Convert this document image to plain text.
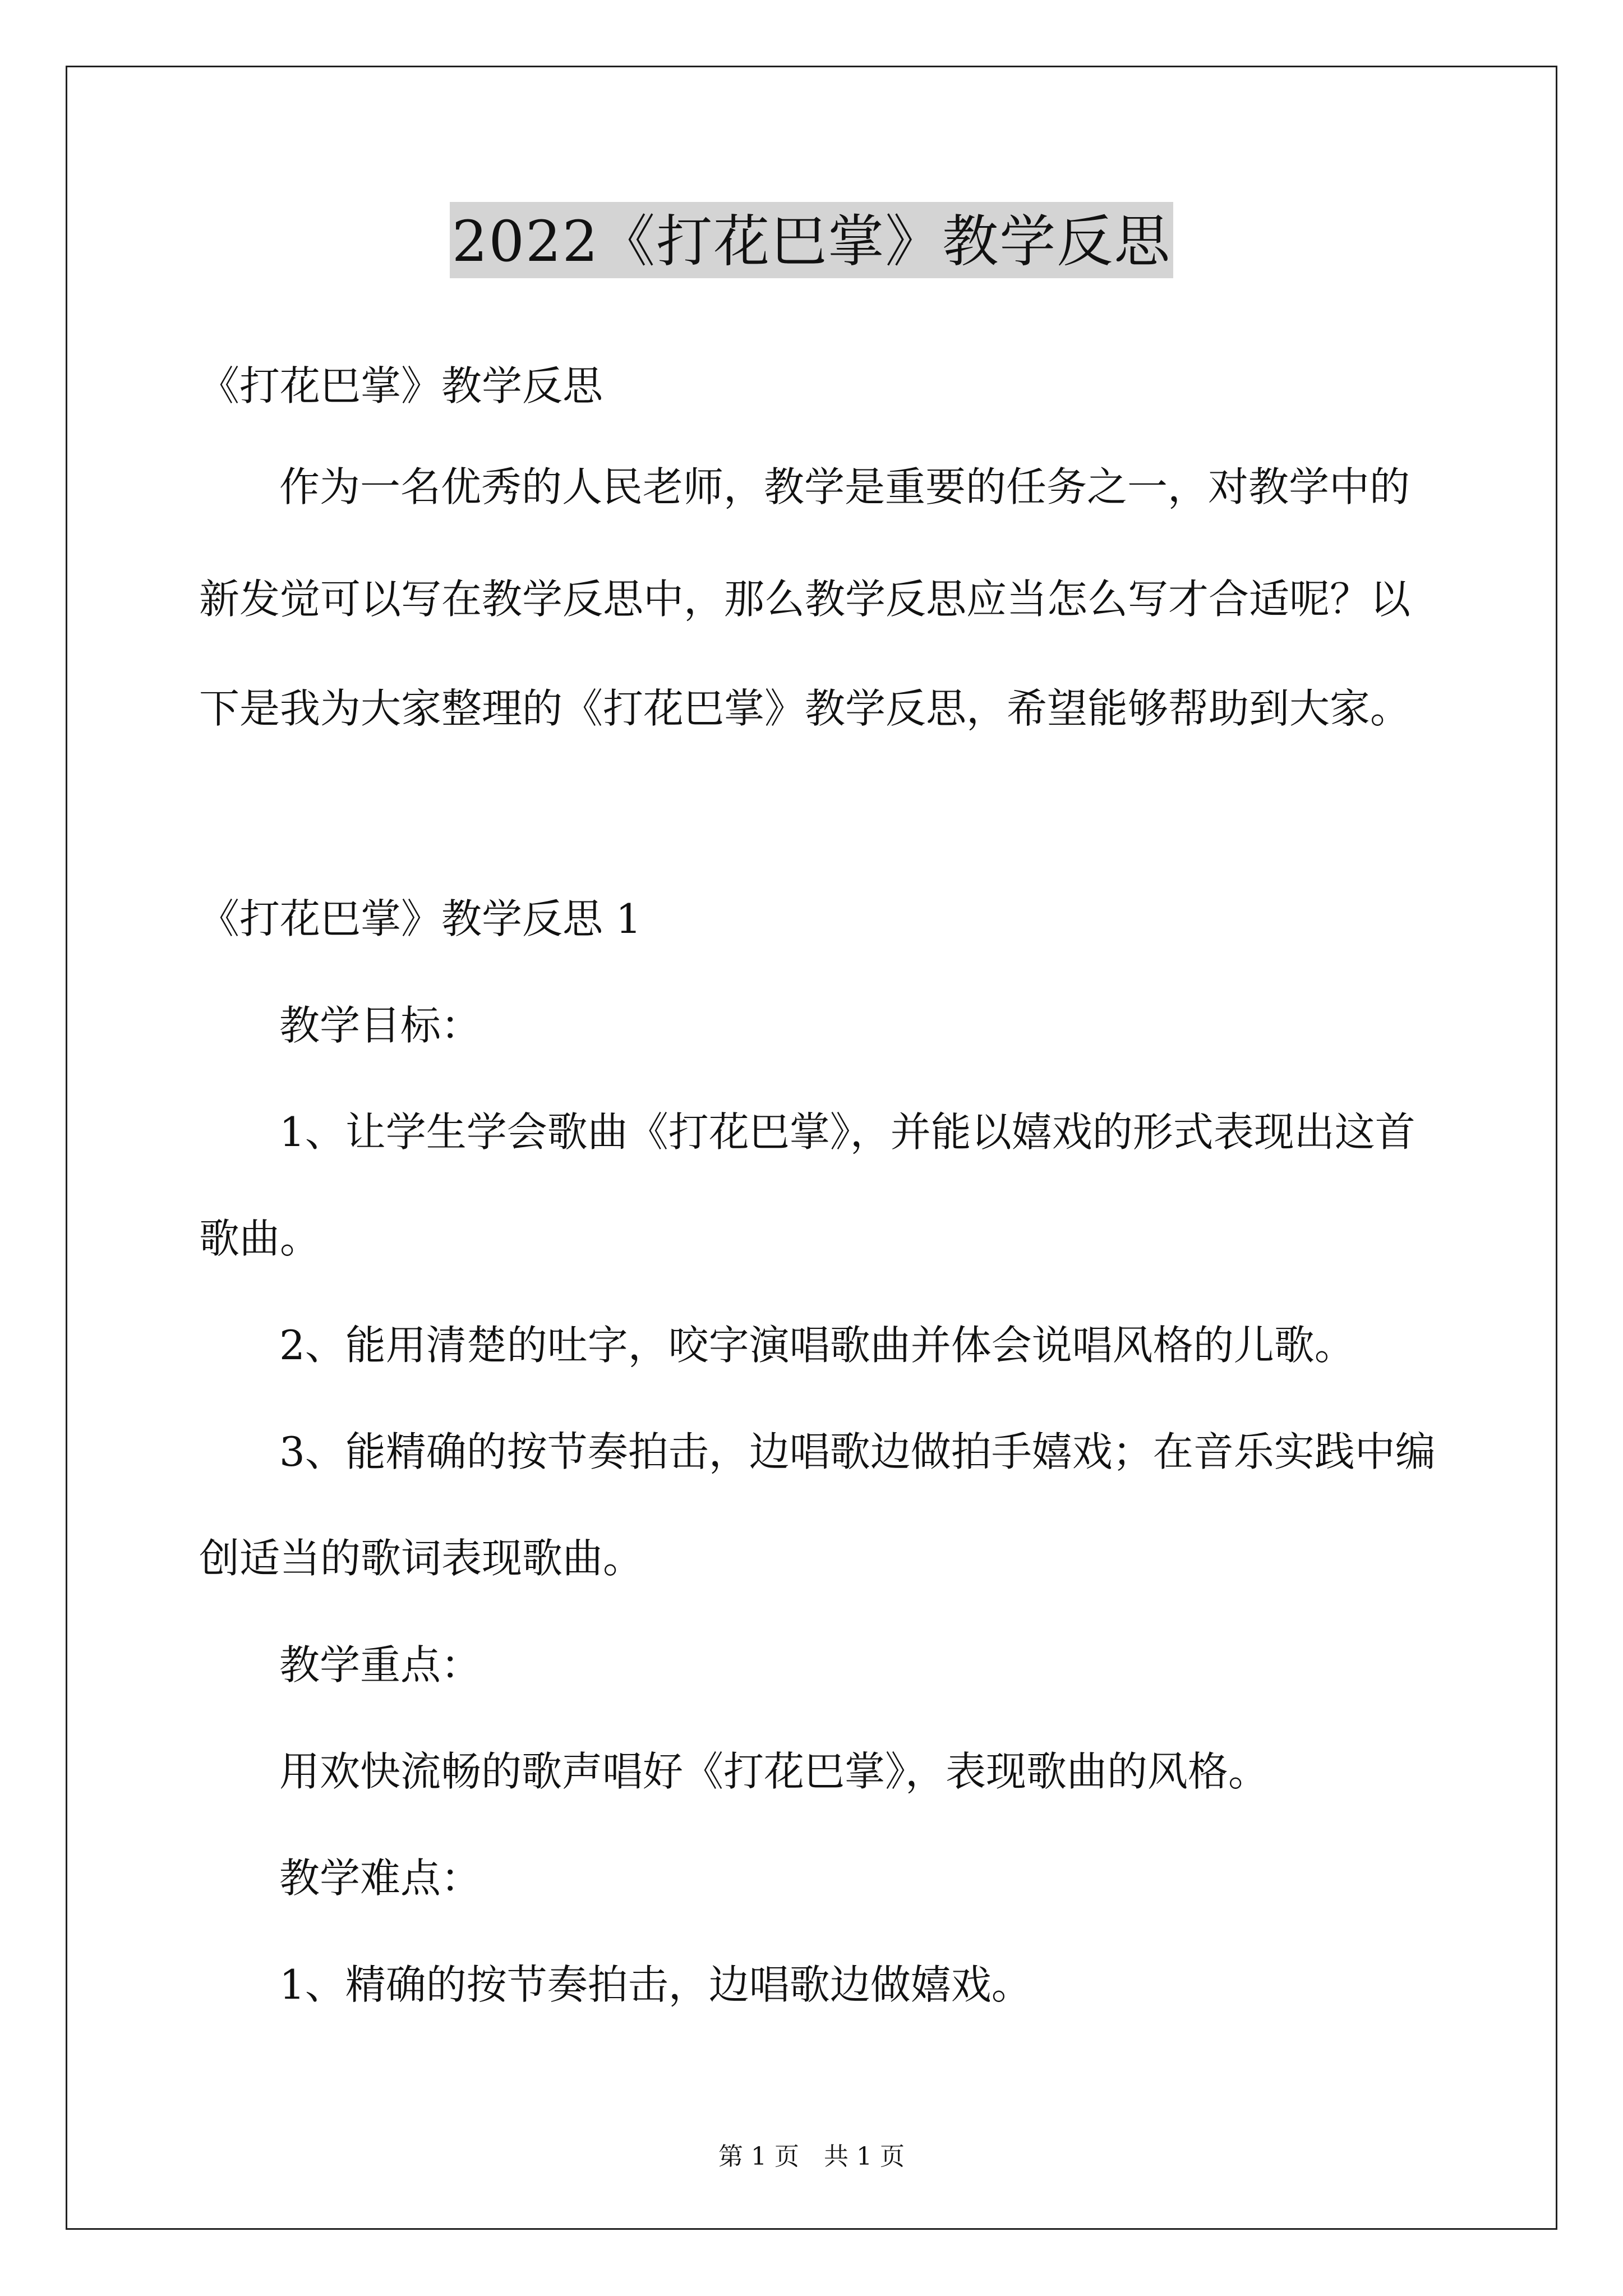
2022《打花巴掌》教学反思

《打花巴掌》教学反思

作为一名优秀的人民老师，教学是重要的任务之一，对教学中的

新发觉可以写在教学反思中，那么教学反思应当怎么写才合适呢？以

下是我为大家整理的《打花巴掌》教学反思，希望能够帮助到大家。

《打花巴掌》教学反思 1

教学目标：

1、让学生学会歌曲《打花巴掌》，并能以嬉戏的形式表现出这首

歌曲。

2、能用清楚的吐字，咬字演唱歌曲并体会说唱风格的儿歌。

3、能精确的按节奏拍击，边唱歌边做拍手嬉戏；在音乐实践中编

创适当的歌词表现歌曲。

教学重点：

用欢快流畅的歌声唱好《打花巴掌》，表现歌曲的风格。

教学难点：

1、精确的按节奏拍击，边唱歌边做嬉戏。

第 1 页　共 1 页
